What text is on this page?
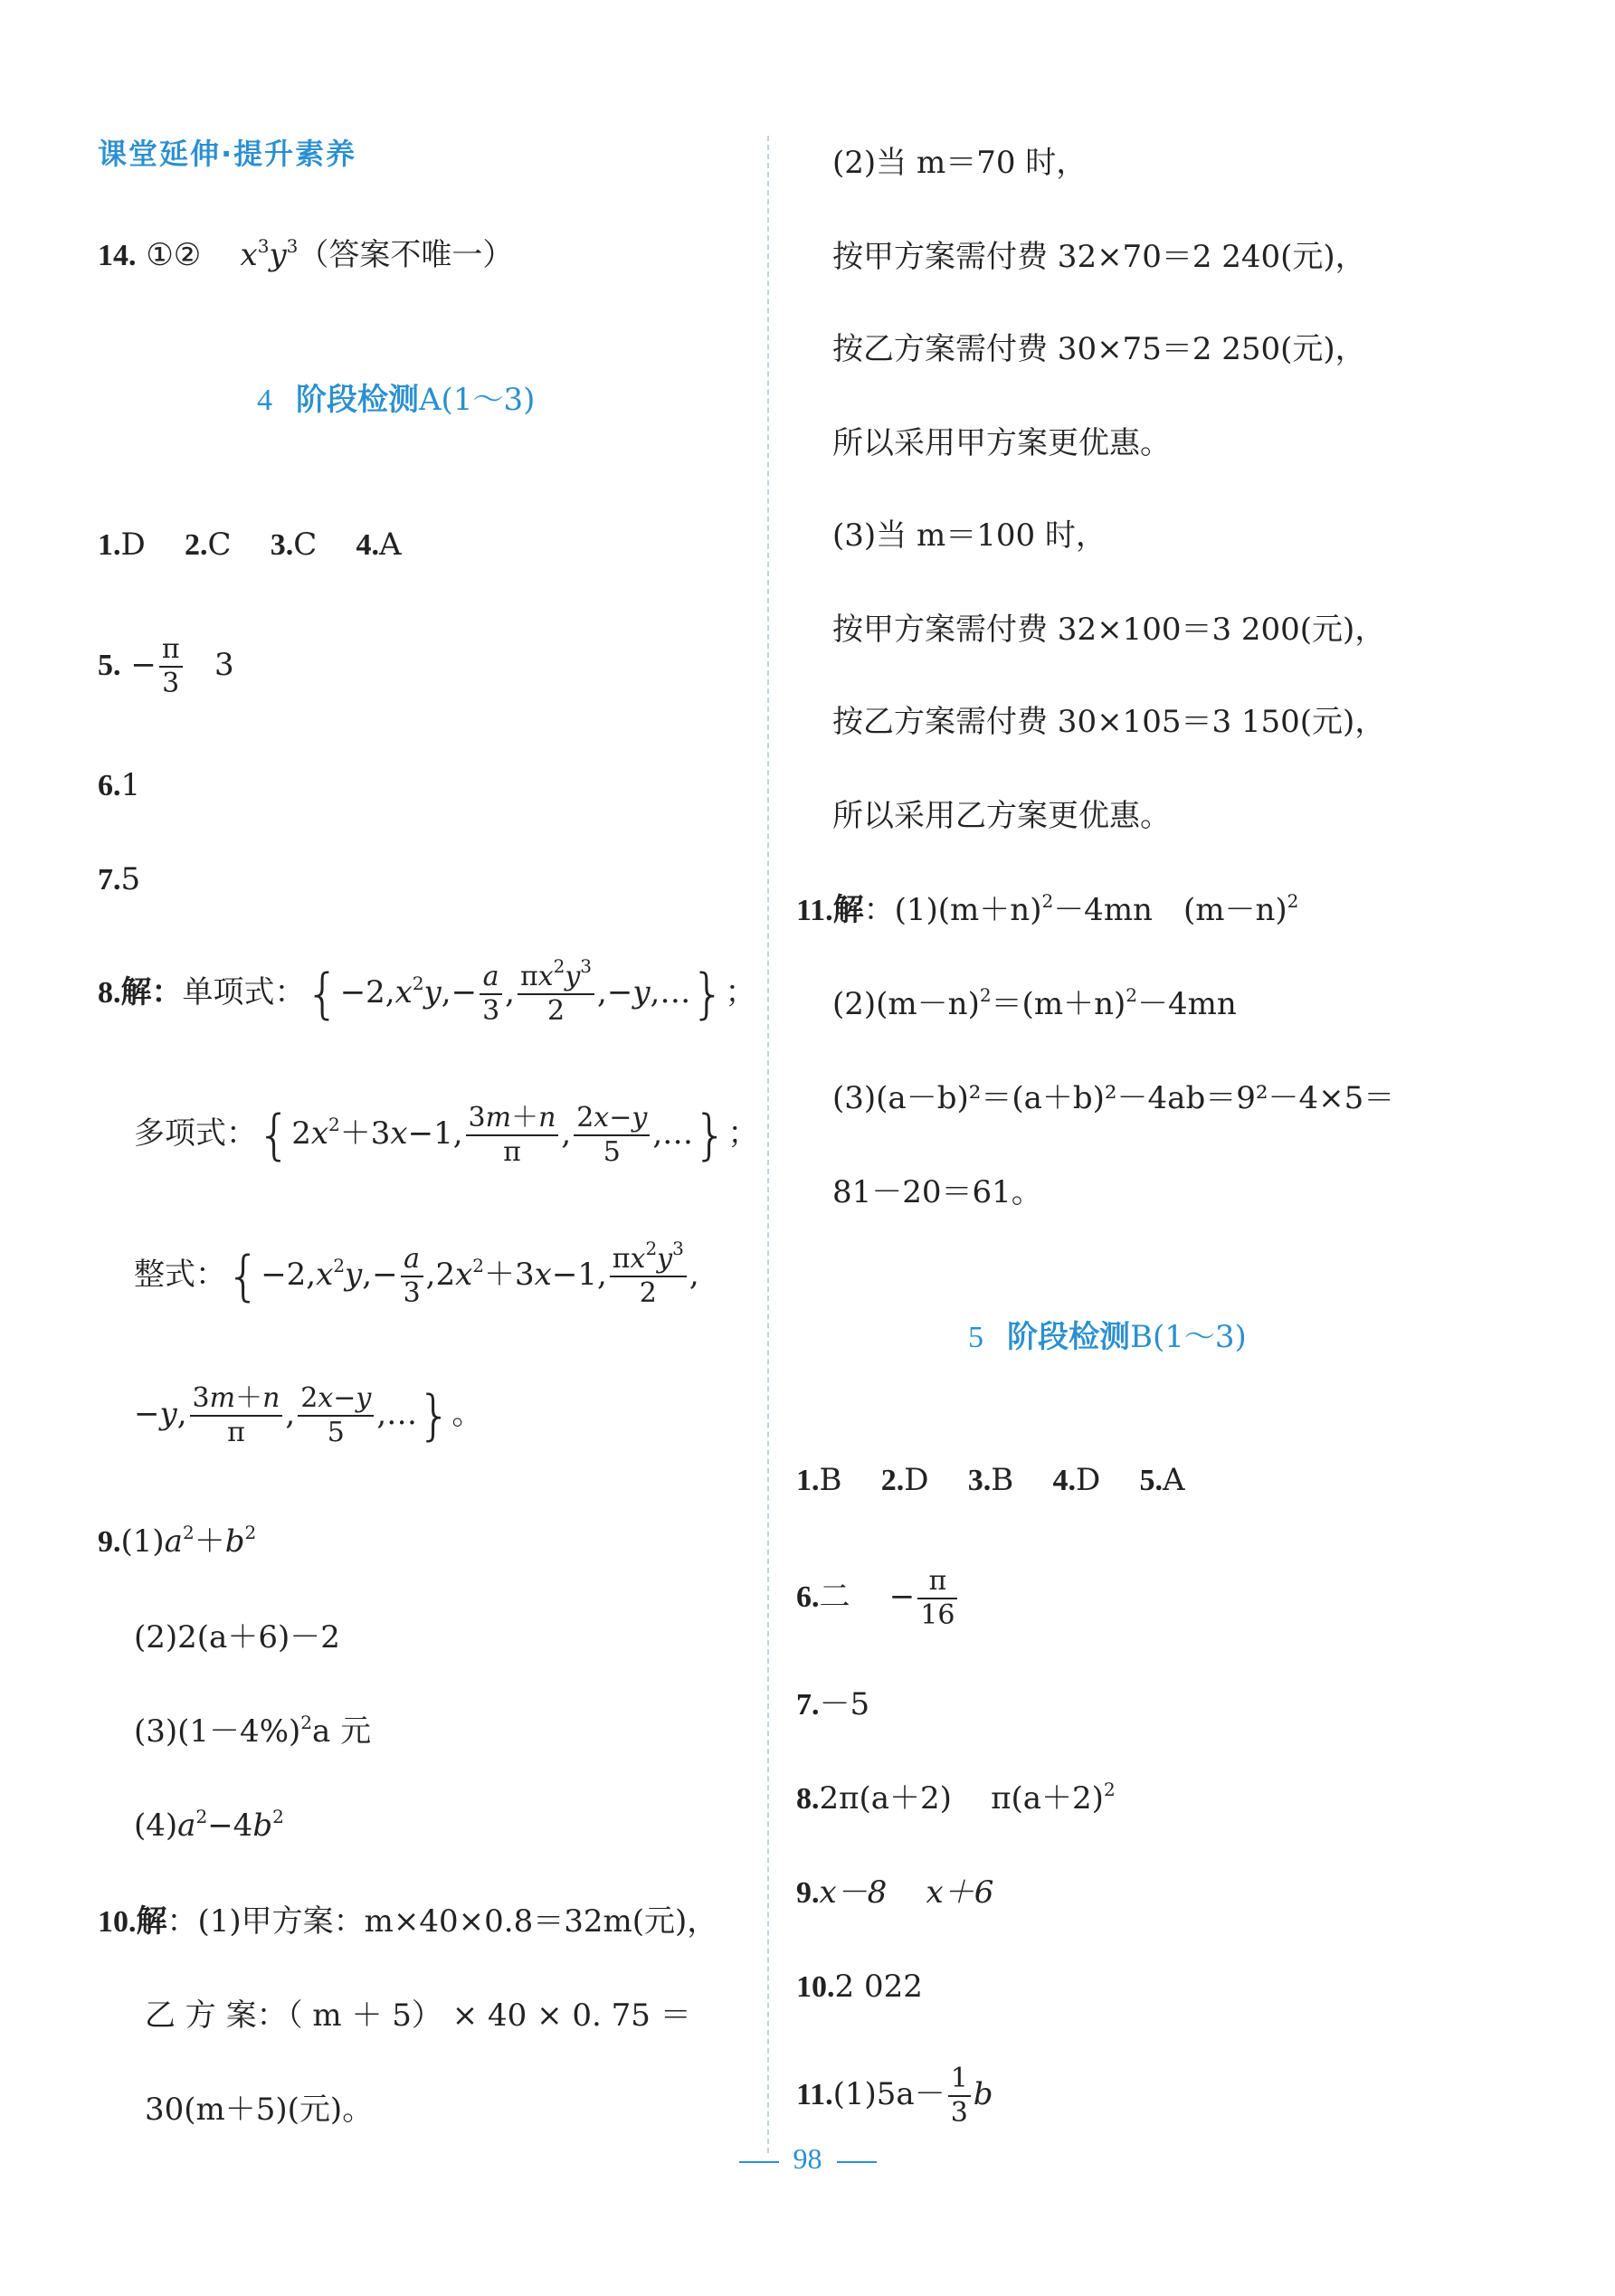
课堂延伸·提升素养
14. ①② $x^3y^3$（答案不唯一）
4 阶段检测A(1～3)
1.D 2.C 3.C 4.A
5. − $\frac{\pi}{3} 3$
6.1
7.5
8.解：单项式：{$-2,x^2y,- \frac{a}{3}$ , $\frac{\pi x^2y^3}{2}$ ,−y,…}；
多项式：{$2x^2+3x-1$, $\frac{3m+n}{\pi}$ , $\frac{2x-y}{5}$ ,…}；
整式：{$-2,x^2y,- \frac{a}{3} ,2x^2+3x-1$, $\frac{\pi x^2y^3}{2}$ ,
−y, $\frac{3m+n}{\pi}$ , $\frac{2x-y}{5}$ ,…}。
$9.(1)a^2+b^2$
(2)2(a＋6)－2
$(3)(1-4\%)^2a$ 元
$(4)a^2-4b^2$
10.解：(1)甲方案：m×40×0.8＝32m(元)，
乙 方 案：（ m ＋ 5） × 40 × 0. 75 ＝
30(m＋5)(元)。
(2)当 m＝70 时，
按甲方案需付费 32×70＝2 240(元)，
按乙方案需付费 30×75＝2 250(元)，
所以采用甲方案更优惠。
(3)当 m＝100 时，
按甲方案需付费 32×100＝3 200(元)，
按乙方案需付费 30×105＝3 150(元)，
所以采用乙方案更优惠。
11.解：$(1)(m+n)^2-4mn$　$(m-n)^2$
$(2)(m-n)^2=(m+n)^2-4mn$
(3)(a－b)²＝(a＋b)²－4ab＝9²－4×5＝
81－20＝61。
5 阶段检测B(1～3)
1.B 2.D 3.B 4.D 5.A
6.二 − $\frac{\pi}{16}$
7.－5
8.2π(a＋2) $\pi(a+2)^2$
9.x－8 x＋6
10.2 022
$11.(1)5a- \frac{1}{3}$ b
98
